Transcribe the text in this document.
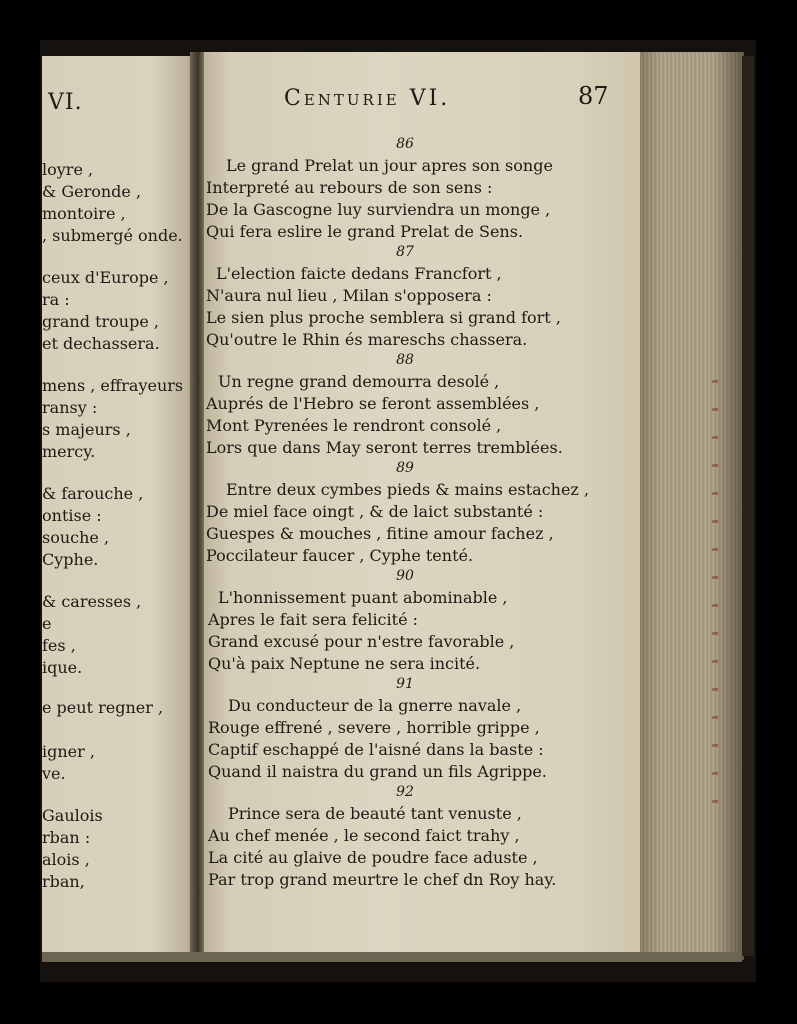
VI.
loyre ,
& Geronde ,
montoire ,
, submergé onde.
ceux d'Europe ,
ra :
grand troupe ,
et dechassera.
mens , effrayeurs
ransy :
s majeurs ,
mercy.
& farouche ,
ontise :
souche ,
Cyphe.
& caresses ,
e
fes ,
ique.
e peut regner ,
igner ,
ve.
Gaulois
rban :
alois ,
rban,
Centurie VI.	87
86
Le grand Prelat un jour apres son songe
Interpreté au rebours de son sens :
De la Gascogne luy surviendra un monge ,
Qui fera eslire le grand Prelat de Sens.
87
L'election faicte dedans Francfort ,
N'aura nul lieu , Milan s'opposera :
Le sien plus proche semblera si grand fort ,
Qu'outre le Rhin és mareschs chassera.
88
Un regne grand demourra desolé ,
Auprés de l'Hebro se feront assemblées ,
Mont Pyrenées le rendront consolé ,
Lors que dans May seront terres tremblées.
89
Entre deux cymbes pieds & mains estachez ,
De miel face oingt , & de laict substanté :
Guespes & mouches , fitine amour fachez ,
Poccilateur faucer , Cyphe tenté.
90
L'honnissement puant abominable ,
Apres le fait sera felicité :
Grand excusé pour n'estre favorable ,
Qu'à paix Neptune ne sera incité.
91
Du conducteur de la gnerre navale ,
Rouge effrené , severe , horrible grippe ,
Captif eschappé de l'aisné dans la baste :
Quand il naistra du grand un fils Agrippe.
92
Prince sera de beauté tant venuste ,
Au chef menée , le second faict trahy ,
La cité au glaive de poudre face aduste ,
Par trop grand meurtre le chef dn Roy hay.
